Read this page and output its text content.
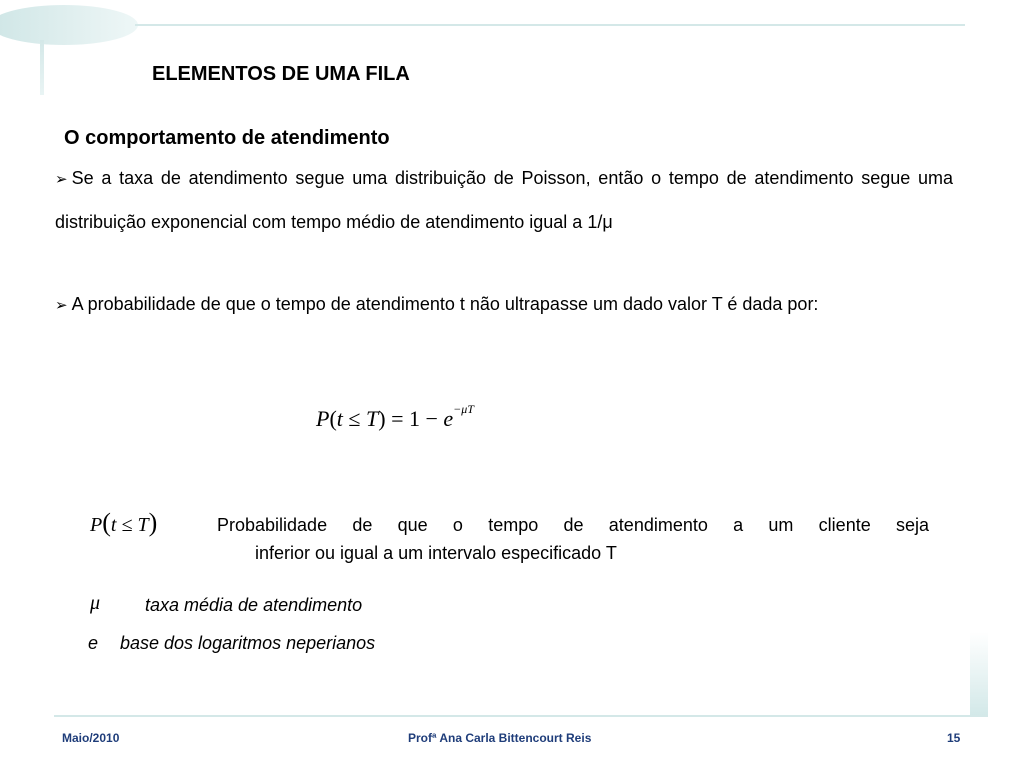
ELEMENTOS DE UMA FILA
O comportamento de atendimento
➢ Se a taxa de atendimento segue uma distribuição de Poisson, então o tempo de atendimento segue uma distribuição exponencial com tempo médio de atendimento igual a 1/μ
➢ A probabilidade de que o tempo de atendimento t não ultrapasse um dado valor T é dada por:
$P(t \le T) = 1 - e^{-\mu T}$
P(t ≤ T)	Probabilidade de que o tempo de atendimento a um cliente seja
inferior ou igual a um intervalo especificado T
μ taxa média de atendimento
e base dos logaritmos neperianos
Maio/2010	Profª Ana Carla Bittencourt Reis	15
